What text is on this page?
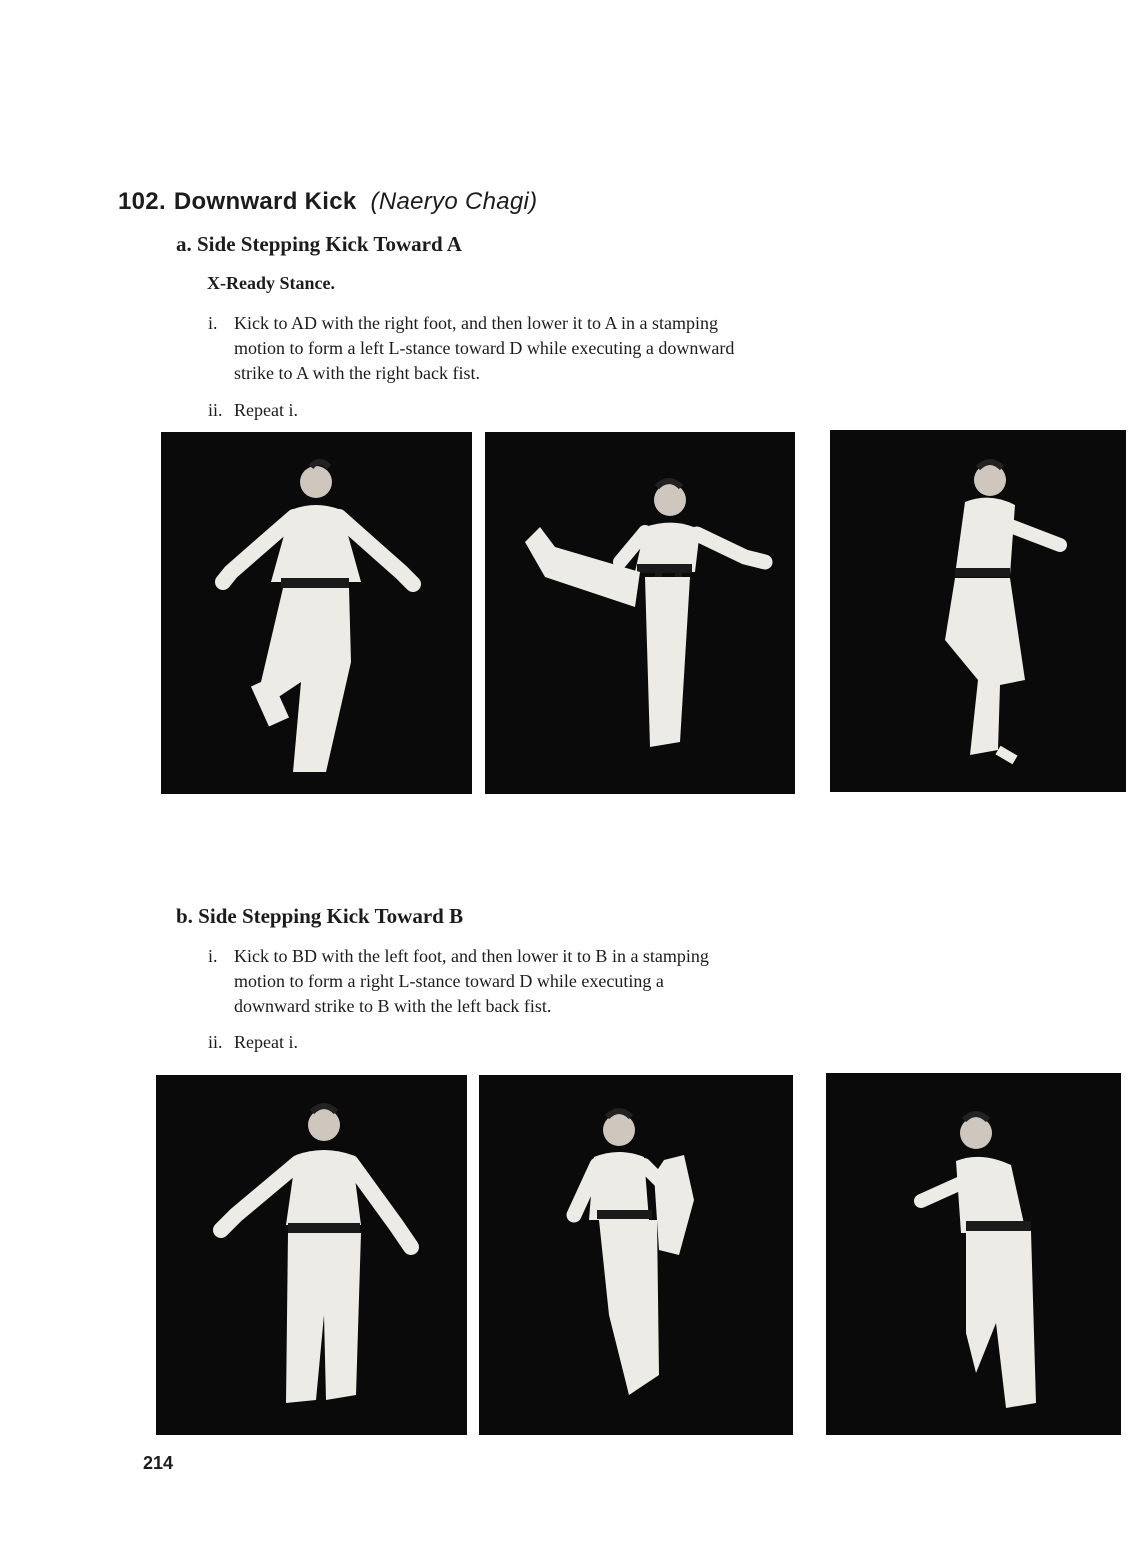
102. Downward Kick (Naeryo Chagi)
a. Side Stepping Kick Toward A
X-Ready Stance.
i. Kick to AD with the right foot, and then lower it to A in a stamping
motion to form a left L-stance toward D while executing a downward
strike to A with the right back fist.
ii. Repeat i.
b. Side Stepping Kick Toward B
i. Kick to BD with the left foot, and then lower it to B in a stamping
motion to form a right L-stance toward D while executing a
downward strike to B with the left back fist.
ii. Repeat i.
214
